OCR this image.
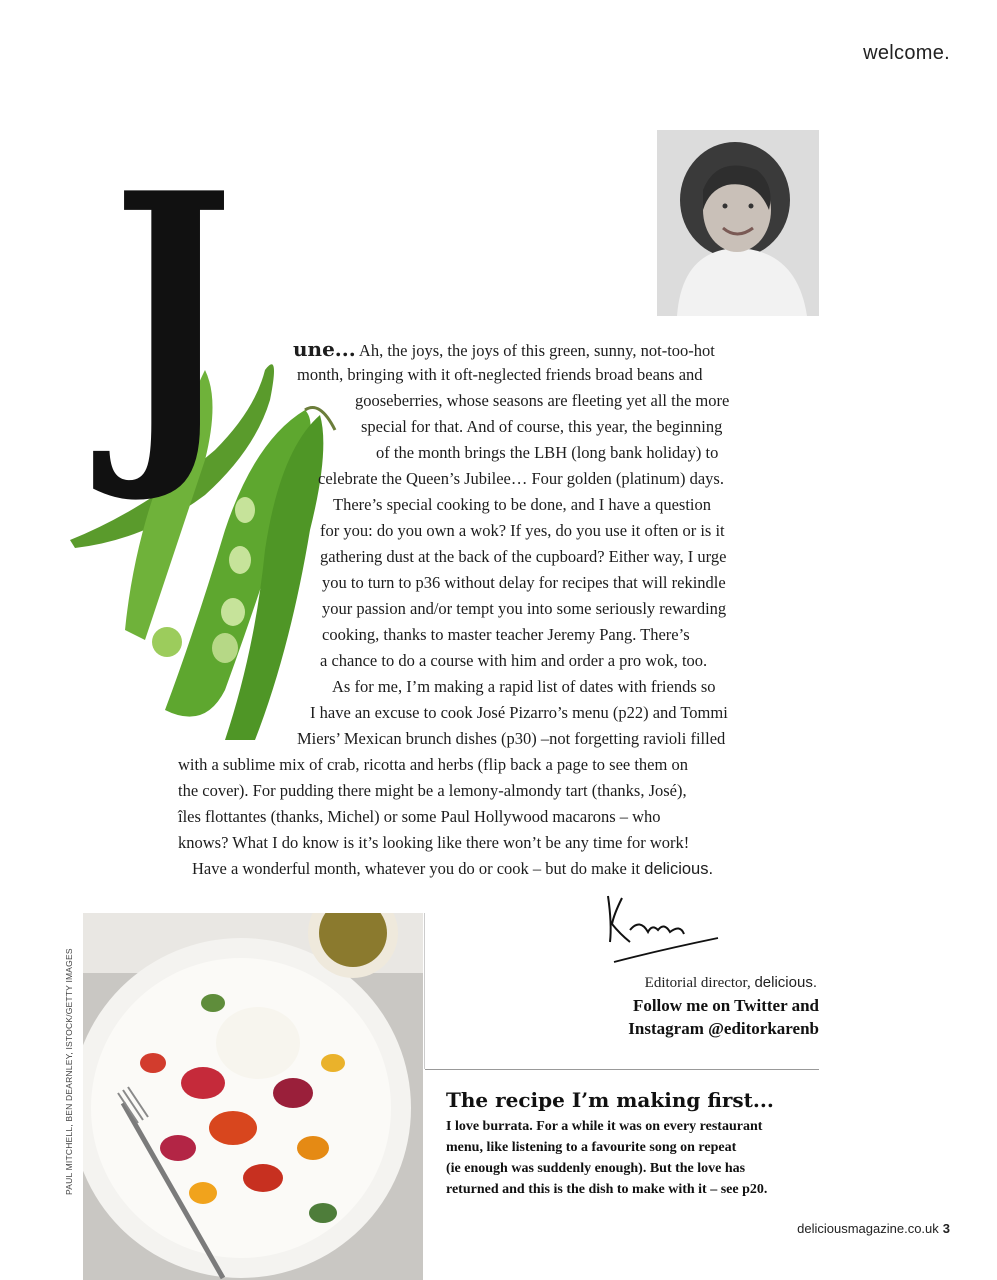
welcome.
J	une... Ah, the joys, the joys of this green, sunny, not-too-hot
month, bringing with it oft-neglected friends broad beans and
gooseberries, whose seasons are fleeting yet all the more
special for that. And of course, this year, the beginning
of the month brings the LBH (long bank holiday) to
celebrate the Queen’s Jubilee… Four golden (platinum) days.
There’s special cooking to be done, and I have a question
for you: do you own a wok? If yes, do you use it often or is it
gathering dust at the back of the cupboard? Either way, I urge
you to turn to p36 without delay for recipes that will rekindle
your passion and/or tempt you into some seriously rewarding
cooking, thanks to master teacher Jeremy Pang. There’s
a chance to do a course with him and order a pro wok, too.
As for me, I’m making a rapid list of dates with friends so
I have an excuse to cook José Pizarro’s menu (p22) and Tommi
Miers’ Mexican brunch dishes (p30) –not forgetting ravioli filled
with a sublime mix of crab, ricotta and herbs (flip back a page to see them on
the cover). For pudding there might be a lemony-almondy tart (thanks, José),
îles flottantes (thanks, Michel) or some Paul Hollywood macarons – who
knows? What I do know is it’s looking like there won’t be any time for work!
Have a wonderful month, whatever you do or cook – but do make it delicious.
Editorial director, delicious.
Follow me on Twitter and
Instagram @editorkarenb
PAUL MITCHELL, BEN DEARNLEY, ISTOCK/GETTY IMAGES	The recipe I’m making first...
I love burrata. For a while it was on every restaurant
menu, like listening to a favourite song on repeat
(ie enough was suddenly enough). But the love has
returned and this is the dish to make with it – see p20.
deliciousmagazine.co.uk 3
